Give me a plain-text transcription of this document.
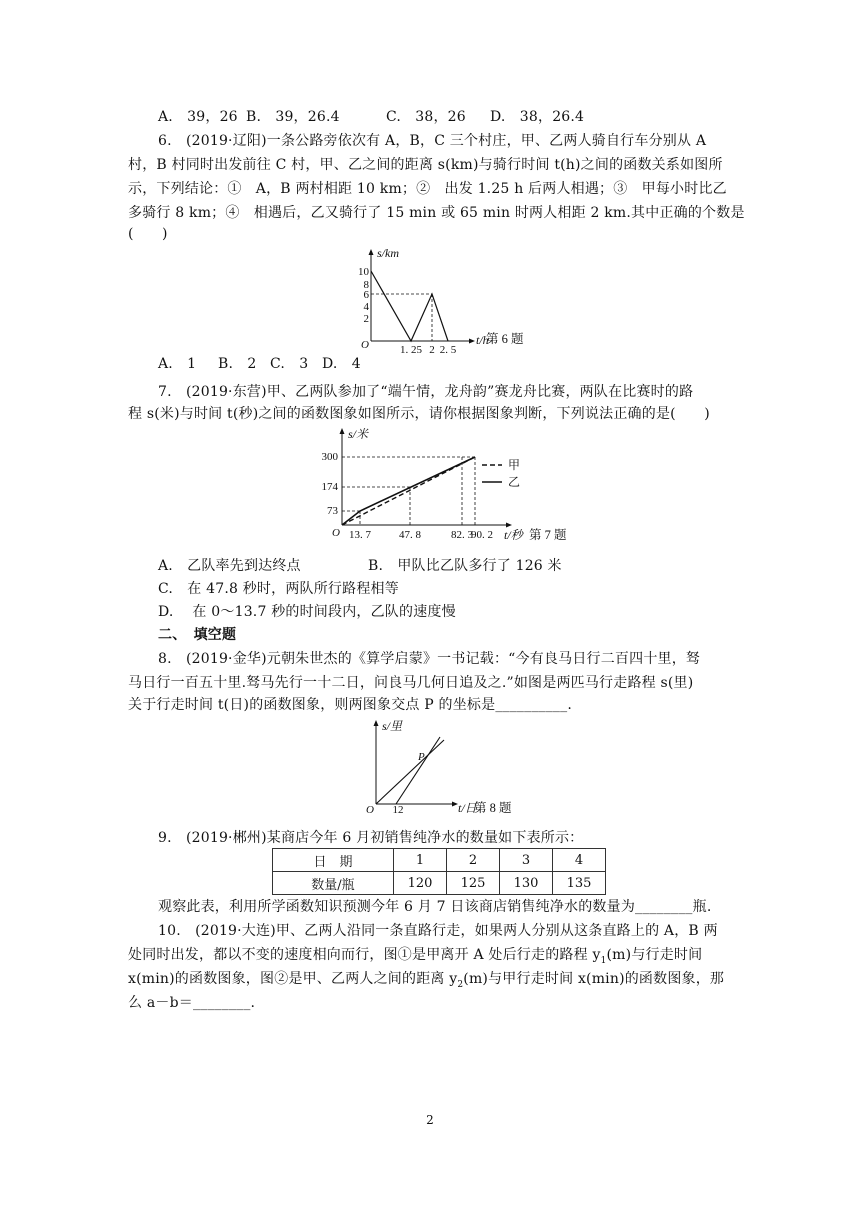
A.　39，26 B.　39，26.4	C.　38，26 D.　38，26.4
6.　(2019·辽阳)一条公路旁依次有 A，B，C 三个村庄，甲、乙两人骑自行车分别从 A
村，B 村同时出发前往 C 村，甲、乙之间的距离 s(km)与骑行时间 t(h)之间的函数关系如图所
示，下列结论：①　A，B 两村相距 10 km；②　出发 1.25 h 后两人相遇；③　甲每小时比乙
多骑行 8 km；④　相遇后，乙又骑行了 15 min 或 65 min 时两人相距 2 km.其中正确的个数是
(　　)
s/km
t/h
O
10
8
6
4
2
1. 25 2 2. 5
第 6 题
A.　1 B.　2 C.　3 D.　4
7.　(2019·东营)甲、乙两队参加了“端午情，龙舟韵”赛龙舟比赛，两队在比赛时的路
程 s(米)与时间 t(秒)之间的函数图象如图所示，请你根据图象判断，下列说法正确的是(　　)
s/米
t/秒
O
300
174
73
13. 7	47. 8	82. 3
90. 2
甲
乙
第 7 题
A.　乙队率先到达终点	B.　甲队比乙队多行了 126 米
C.　在 47.8 秒时，两队所行路程相等
D.　 在 0～13.7 秒的时间段内，乙队的速度慢
二、　填空题
8.　(2019·金华)元朝朱世杰的《算学启蒙》一书记载：“今有良马日行二百四十里，驽
马日行一百五十里.驽马先行一十二日，问良马几何日追及之.”如图是两匹马行走路程 s(里)
关于行走时间 t(日)的函数图象，则两图象交点 P 的坐标是__________.
s/里
t/日
O 12
P
第 8 题
9.　(2019·郴州)某商店今年 6 月初销售纯净水的数量如下表所示：
日　期	1	2	3	4
数量/瓶	120	125	130	135
观察此表，利用所学函数知识预测今年 6 月 7 日该商店销售纯净水的数量为________瓶.
10.　(2019·大连)甲、乙两人沿同一条直路行走，如果两人分别从这条直路上的 A，B 两
处同时出发，都以不变的速度相向而行，图①是甲离开 A 处后行走的路程 $y_1(m)$与行走时间
x(min)的函数图象，图②是甲、乙两人之间的距离 $y_2(m)$与甲行走时间 x(min)的函数图象，那
么 a－b＝________.
2
